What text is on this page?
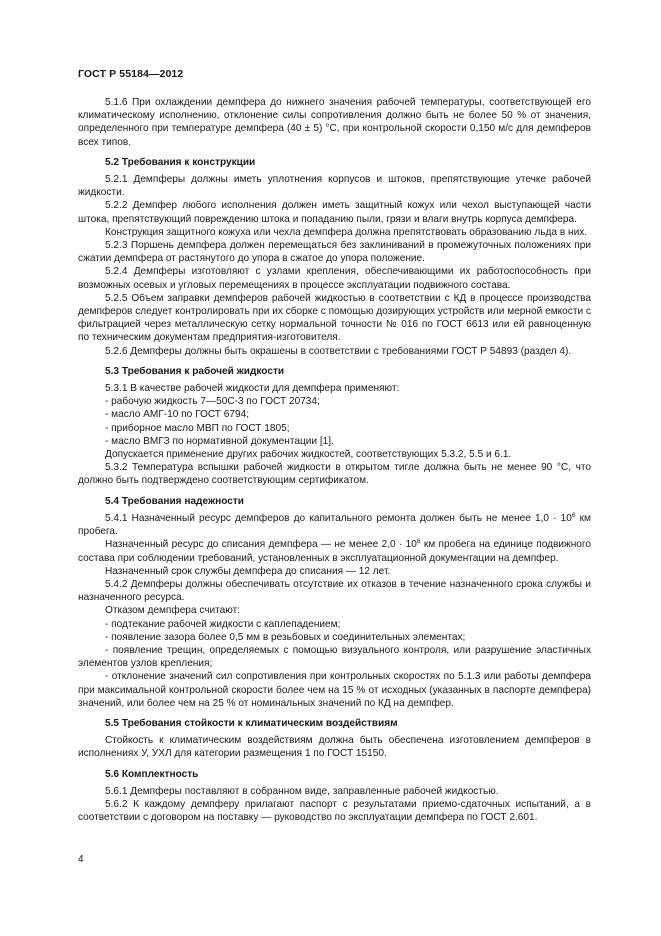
ГОСТ Р 55184—2012

5.1.6 При охлаждении демпфера до нижнего значения рабочей температуры, соответствующей его климатическому исполнению, отклонение силы сопротивления должно быть не более 50 % от значения, определенного при температуре демпфера (40 ± 5) °С, при контрольной скорости 0,150 м/с для демпферов всех типов.

5.2 Требования к конструкции

5.2.1 Демпферы должны иметь уплотнения корпусов и штоков, препятствующие утечке рабочей жидкости.

5.2.2 Демпфер любого исполнения должен иметь защитный кожух или чехол выступающей части штока, препятствующий повреждению штока и попаданию пыли, грязи и влаги внутрь корпуса демпфера.

Конструкция защитного кожуха или чехла демпфера должна препятствовать образованию льда в них.

5.2.3 Поршень демпфера должен перемещаться без заклиниваний в промежуточных положениях при сжатии демпфера от растянутого до упора в сжатое до упора положение.

5.2.4 Демпферы изготовляют с узлами крепления, обеспечивающими их работоспособность при возможных осевых и угловых перемещениях в процессе эксплуатации подвижного состава.

5.2.5 Объем заправки демпферов рабочей жидкостью в соответствии с КД в процессе производства демпферов следует контролировать при их сборке с помощью дозирующих устройств или мерной емкости с фильтрацией через металлическую сетку нормальной точности № 016 по ГОСТ 6613 или ей равноценную по техническим документам предприятия-изготовителя.

5.2.6 Демпферы должны быть окрашены в соответствии с требованиями ГОСТ Р 54893 (раздел 4).

5.3 Требования к рабочей жидкости

5.3.1 В качестве рабочей жидкости для демпфера применяют:

- рабочую жидкость 7—50С-3 по ГОСТ 20734;

- масло АМГ-10 по ГОСТ 6794;

- приборное масло МВП по ГОСТ 1805;

- масло ВМГЗ по нормативной документации [1].

Допускается применение других рабочих жидкостей, соответствующих 5.3.2, 5.5 и 6.1.

5.3.2 Температура вспышки рабочей жидкости в открытом тигле должна быть не менее 90 °С, что должно быть подтверждено соответствующим сертификатом.

5.4 Требования надежности

5.4.1 Назначенный ресурс демпферов до капитального ремонта должен быть не менее $1,0 \cdot 10^6$ км пробега.

Назначенный ресурс до списания демпфера — не менее $2,0 \cdot 10^6$ км пробега на единице подвижного состава при соблюдении требований, установленных в эксплуатационной документации на демпфер.

Назначенный срок службы демпфера до списания — 12 лет.

5.4.2 Демпферы должны обеспечивать отсутствие их отказов в течение назначенного срока службы и назначенного ресурса.

Отказом демпфера считают:

- подтекание рабочей жидкости с каплепадением;

- появление зазора более 0,5 мм в резьбовых и соединительных элементах;

- появление трещин, определяемых с помощью визуального контроля, или разрушение эластичных элементов узлов крепления;

- отклонение значений сил сопротивления при контрольных скоростях по 5.1.3 или работы демпфера при максимальной контрольной скорости более чем на 15 % от исходных (указанных в паспорте демпфера) значений, или более чем на 25 % от номинальных значений по КД на демпфер.

5.5 Требования стойкости к климатическим воздействиям

Стойкость к климатическим воздействиям должна быть обеспечена изготовлением демпферов в исполнениях У, УХЛ для категории размещения 1 по ГОСТ 15150.

5.6 Комплектность

5.6.1 Демпферы поставляют в собранном виде, заправленные рабочей жидкостью.

5.6.2 К каждому демпферу прилагают паспорт с результатами приемо-сдаточных испытаний, а в соответствии с договором на поставку — руководство по эксплуатации демпфера по ГОСТ 2.601.

4
